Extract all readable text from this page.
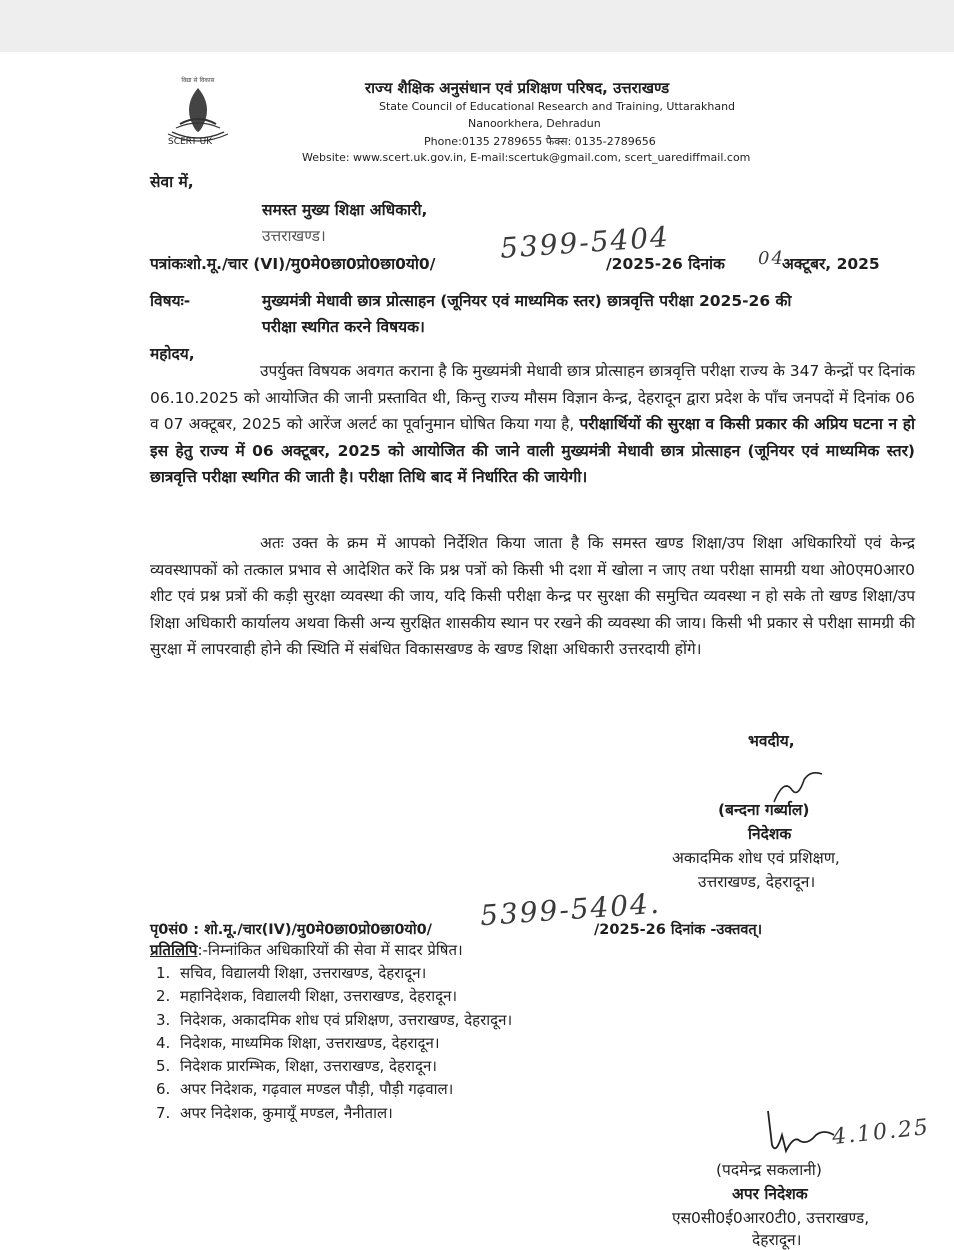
विद्या से विकास
SCERT UK
राज्य शैक्षिक अनुसंधान एवं प्रशिक्षण परिषद, उत्तराखण्ड
State Council of Educational Research and Training, Uttarakhand
Nanoorkhera, Dehradun
Phone:0135 2789655 फैक्स: 0135-2789656
Website: www.scert.uk.gov.in, E-mail:scertuk@gmail.com, scert_uarediffmail.com
सेवा में,
समस्त मुख्य शिक्षा अधिकारी,
उत्तराखण्ड।
पत्रांकःशो.मू./चार (VI)/मु0मे0छा0प्रो0छा0यो0/ 5399-5404
/2025-26 दिनांक 04
अक्टूबर, 2025
विषयः-	मुख्यमंत्री मेधावी छात्र प्रोत्साहन (जूनियर एवं माध्यमिक स्तर) छात्रवृत्ति परीक्षा 2025-26 की
परीक्षा स्थगित करने विषयक।
महोदय,
उपर्युक्त विषयक अवगत कराना है कि मुख्यमंत्री मेधावी छात्र प्रोत्साहन छात्रवृत्ति परीक्षा राज्य के 347 केन्द्रों पर दिनांक 06.10.2025 को आयोजित की जानी प्रस्तावित थी, किन्तु राज्य मौसम विज्ञान केन्द्र, देहरादून द्वारा प्रदेश के पाँच जनपदों में दिनांक 06 व 07 अक्टूबर, 2025 को आरेंज अलर्ट का पूर्वानुमान घोषित किया गया है, परीक्षार्थियों की सुरक्षा व किसी प्रकार की अप्रिय घटना न हो इस हेतु राज्य में 06 अक्टूबर, 2025 को आयोजित की जाने वाली मुख्यमंत्री मेधावी छात्र प्रोत्साहन (जूनियर एवं माध्यमिक स्तर) छात्रवृत्ति परीक्षा स्थगित की जाती है। परीक्षा तिथि बाद में निर्धारित की जायेगी।
अतः उक्त के क्रम में आपको निर्देशित किया जाता है कि समस्त खण्ड शिक्षा/उप शिक्षा अधिकारियों एवं केन्द्र व्यवस्थापकों को तत्काल प्रभाव से आदेशित करें कि प्रश्न पत्रों को किसी भी दशा में खोला न जाए तथा परीक्षा सामग्री यथा ओ0एम0आर0 शीट एवं प्रश्न प्रत्रों की कड़ी सुरक्षा व्यवस्था की जाय, यदि किसी परीक्षा केन्द्र पर सुरक्षा की समुचित व्यवस्था न हो सके तो खण्ड शिक्षा/उप शिक्षा अधिकारी कार्यालय अथवा किसी अन्य सुरक्षित शासकीय स्थान पर रखने की व्यवस्था की जाय। किसी भी प्रकार से परीक्षा सामग्री की सुरक्षा में लापरवाही होने की स्थिति में संबंधित विकासखण्ड के खण्ड शिक्षा अधिकारी उत्तरदायी होंगे।
भवदीय,
(बन्दना गर्ब्याल)
निदेशक
अकादमिक शोध एवं प्रशिक्षण,
उत्तराखण्ड, देहरादून।
पृ0सं0 : शो.मू./चार(IV)/मु0मे0छा0प्रो0छा0यो0/ 5399-5404.
/2025-26 दिनांक -उक्तवत्।
प्रतिलिपि:-निम्नांकित अधिकारियों की सेवा में सादर प्रेषित।
1. सचिव, विद्यालयी शिक्षा, उत्तराखण्ड, देहरादून।
2. महानिदेशक, विद्यालयी शिक्षा, उत्तराखण्ड, देहरादून।
3. निदेशक, अकादमिक शोध एवं प्रशिक्षण, उत्तराखण्ड, देहरादून।
4. निदेशक, माध्यमिक शिक्षा, उत्तराखण्ड, देहरादून।
5. निदेशक प्रारम्भिक, शिक्षा, उत्तराखण्ड, देहरादून।
6. अपर निदेशक, गढ़वाल मण्डल पौड़ी, पौड़ी गढ़वाल।
7. अपर निदेशक, कुमायूँ मण्डल, नैनीताल।
4.10.25
(पदमेन्द्र सकलानी)
अपर निदेशक
एस0सी0ई0आर0टी0, उत्तराखण्ड,
देहरादून।
